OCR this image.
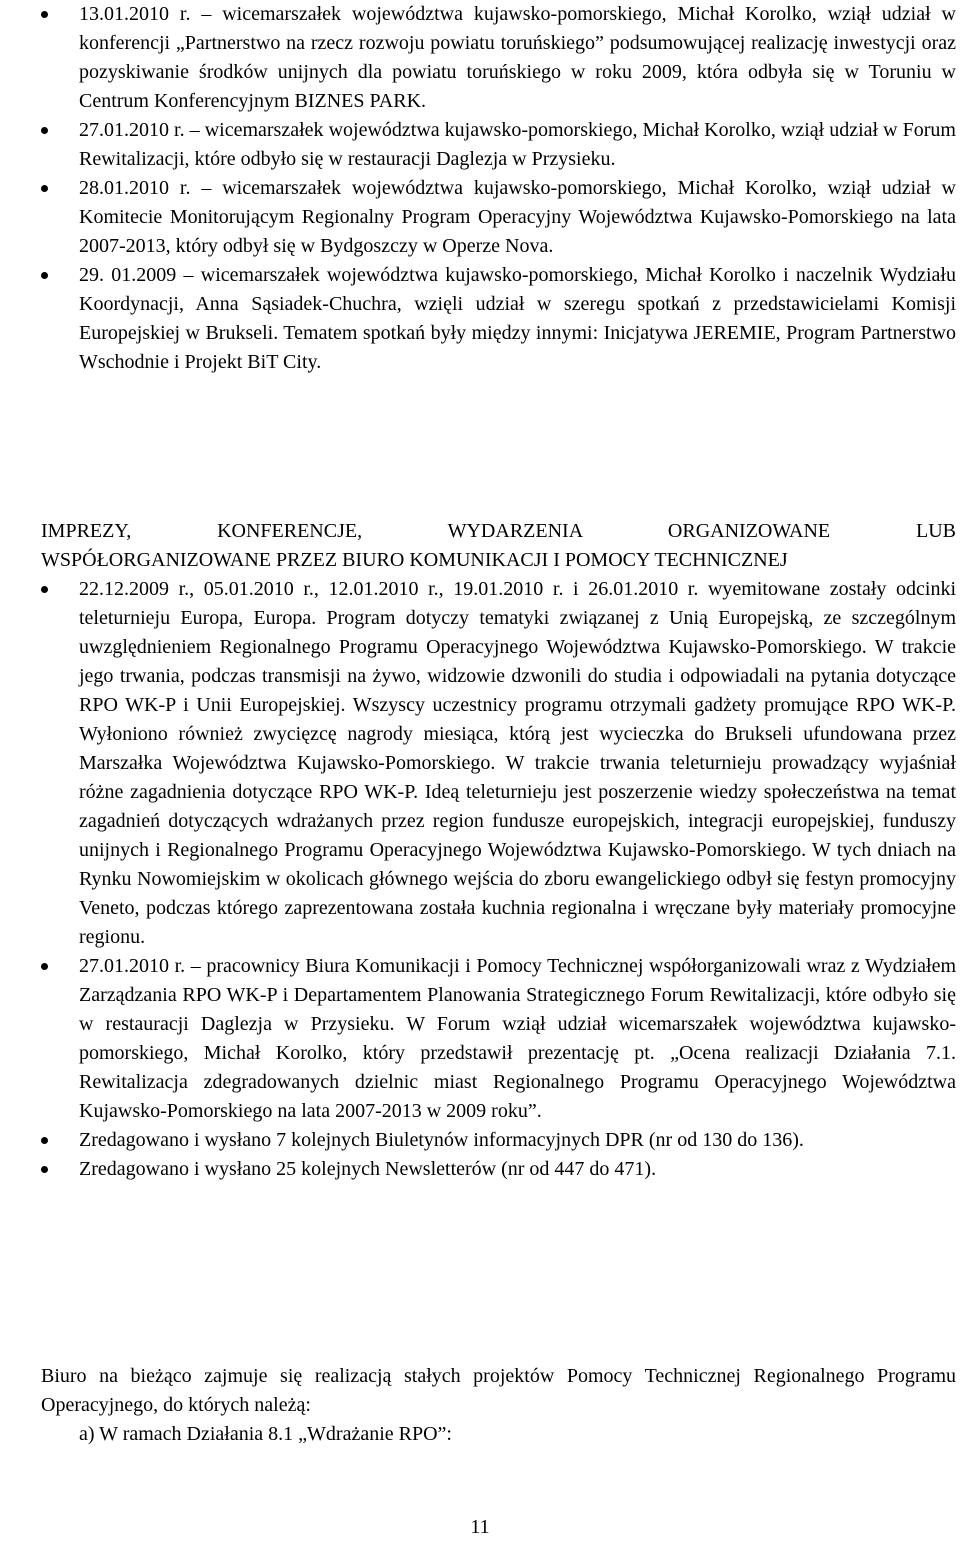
13.01.2010 r. – wicemarszałek województwa kujawsko-pomorskiego, Michał Korolko, wziął udział w konferencji „Partnerstwo na rzecz rozwoju powiatu toruńskiego” podsumowującej realizację inwestycji oraz pozyskiwanie środków unijnych dla powiatu toruńskiego w roku 2009, która odbyła się w Toruniu w Centrum Konferencyjnym BIZNES PARK.
27.01.2010 r. – wicemarszałek województwa kujawsko-pomorskiego, Michał Korolko, wziął udział w Forum Rewitalizacji, które odbyło się w restauracji Daglezja w Przysieku.
28.01.2010 r. – wicemarszałek województwa kujawsko-pomorskiego, Michał Korolko, wziął udział w Komitecie Monitorującym Regionalny Program Operacyjny Województwa Kujawsko-Pomorskiego na lata 2007-2013, który odbył się w Bydgoszczy w Operze Nova.
29. 01.2009 – wicemarszałek województwa kujawsko-pomorskiego, Michał Korolko i naczelnik Wydziału Koordynacji, Anna Sąsiadek-Chuchra, wzięli udział w szeregu spotkań z przedstawicielami Komisji Europejskiej w Brukseli. Tematem spotkań były między innymi: Inicjatywa JEREMIE, Program Partnerstwo Wschodnie i Projekt BiT City.
IMPREZY, KONFERENCJE, WYDARZENIA ORGANIZOWANE LUB
WSPÓŁORGANIZOWANE PRZEZ BIURO KOMUNIKACJI I POMOCY TECHNICZNEJ
22.12.2009 r., 05.01.2010 r., 12.01.2010 r., 19.01.2010 r. i 26.01.2010 r. wyemitowane zostały odcinki teleturnieju Europa, Europa. Program dotyczy tematyki związanej z Unią Europejską, ze szczególnym uwzględnieniem Regionalnego Programu Operacyjnego Województwa Kujawsko-Pomorskiego. W trakcie jego trwania, podczas transmisji na żywo, widzowie dzwonili do studia i odpowiadali na pytania dotyczące RPO WK-P i Unii Europejskiej. Wszyscy uczestnicy programu otrzymali gadżety promujące RPO WK-P. Wyłoniono również zwycięzcę nagrody miesiąca, którą jest wycieczka do Brukseli ufundowana przez Marszałka Województwa Kujawsko-Pomorskiego. W trakcie trwania teleturnieju prowadzący wyjaśniał różne zagadnienia dotyczące RPO WK-P. Ideą teleturnieju jest poszerzenie wiedzy społeczeństwa na temat zagadnień dotyczących wdrażanych przez region fundusze europejskich, integracji europejskiej, funduszy unijnych i Regionalnego Programu Operacyjnego Województwa Kujawsko-Pomorskiego. W tych dniach na Rynku Nowomiejskim w okolicach głównego wejścia do zboru ewangelickiego odbył się festyn promocyjny Veneto, podczas którego zaprezentowana została kuchnia regionalna i wręczane były materiały promocyjne regionu.
27.01.2010 r. – pracownicy Biura Komunikacji i Pomocy Technicznej współorganizowali wraz z Wydziałem Zarządzania RPO WK-P i Departamentem Planowania Strategicznego Forum Rewitalizacji, które odbyło się w restauracji Daglezja w Przysieku. W Forum wziął udział wicemarszałek województwa kujawsko-pomorskiego, Michał Korolko, który przedstawił prezentację pt. „Ocena realizacji Działania 7.1. Rewitalizacja zdegradowanych dzielnic miast Regionalnego Programu Operacyjnego Województwa Kujawsko-Pomorskiego na lata 2007-2013 w 2009 roku”.
Zredagowano i wysłano 7 kolejnych Biuletynów informacyjnych DPR (nr od 130 do 136).
Zredagowano i wysłano 25 kolejnych Newsletterów (nr od 447 do 471).
Biuro na bieżąco zajmuje się realizacją stałych projektów Pomocy Technicznej Regionalnego Programu Operacyjnego, do których należą:
a) W ramach Działania 8.1 „Wdrażanie RPO”:
11
